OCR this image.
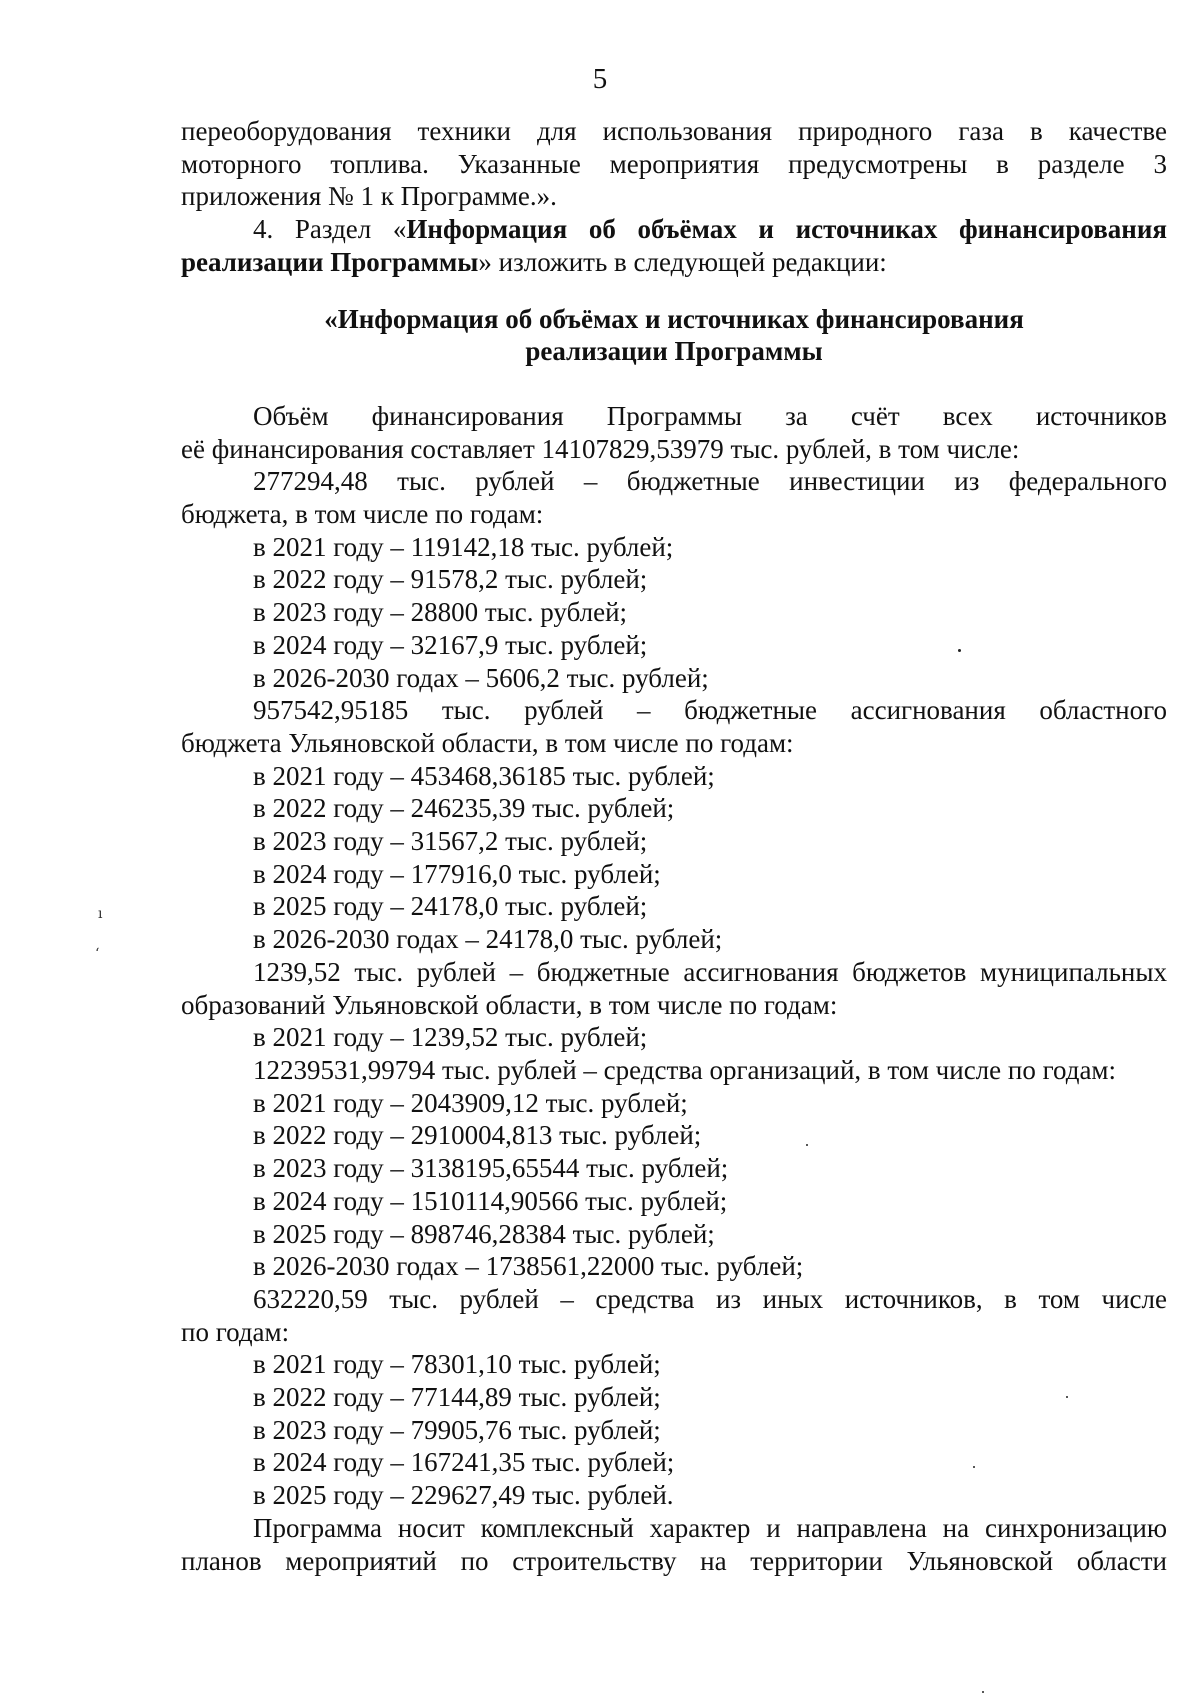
5

переоборудования техники для использования природного газа в качестве

моторного топлива. Указанные мероприятия предусмотрены в разделе 3

приложения № 1 к Программе.».

4. Раздел «Информация об объёмах и источниках финансирования

реализации Программы» изложить в следующей редакции:

«Информация об объёмах и источниках финансирования

реализации Программы

Объём финансирования Программы за счёт всех источников

её финансирования составляет 14107829,53979 тыс. рублей, в том числе:

277294,48 тыс. рублей – бюджетные инвестиции из федерального

бюджета, в том числе по годам:

в 2021 году – 119142,18 тыс. рублей;
в 2022 году – 91578,2 тыс. рублей;
в 2023 году – 28800 тыс. рублей;
в 2024 году – 32167,9 тыс. рублей;
в 2026-2030 годах – 5606,2 тыс. рублей;

957542,95185 тыс. рублей – бюджетные ассигнования областного

бюджета Ульяновской области, в том числе по годам:

в 2021 году – 453468,36185 тыс. рублей;
в 2022 году – 246235,39 тыс. рублей;
в 2023 году – 31567,2 тыс. рублей;
в 2024 году – 177916,0 тыс. рублей;
в 2025 году – 24178,0 тыс. рублей;
в 2026-2030 годах – 24178,0 тыс. рублей;

1239,52 тыс. рублей – бюджетные ассигнования бюджетов муниципальных

образований Ульяновской области, в том числе по годам:

в 2021 году – 1239,52 тыс. рублей;

12239531,99794 тыс. рублей – средства организаций, в том числе по годам:

в 2021 году – 2043909,12 тыс. рублей;
в 2022 году – 2910004,813 тыс. рублей;
в 2023 году – 3138195,65544 тыс. рублей;
в 2024 году – 1510114,90566 тыс. рублей;
в 2025 году – 898746,28384 тыс. рублей;
в 2026-2030 годах – 1738561,22000 тыс. рублей;

632220,59 тыс. рублей – средства из иных источников, в том числе

по годам:

в 2021 году – 78301,10 тыс. рублей;
в 2022 году – 77144,89 тыс. рублей;
в 2023 году – 79905,76 тыс. рублей;
в 2024 году – 167241,35 тыс. рублей;
в 2025 году – 229627,49 тыс. рублей.

Программа носит комплексный характер и направлена на синхронизацию

планов мероприятий по строительству на территории Ульяновской области

ı
ʻ
